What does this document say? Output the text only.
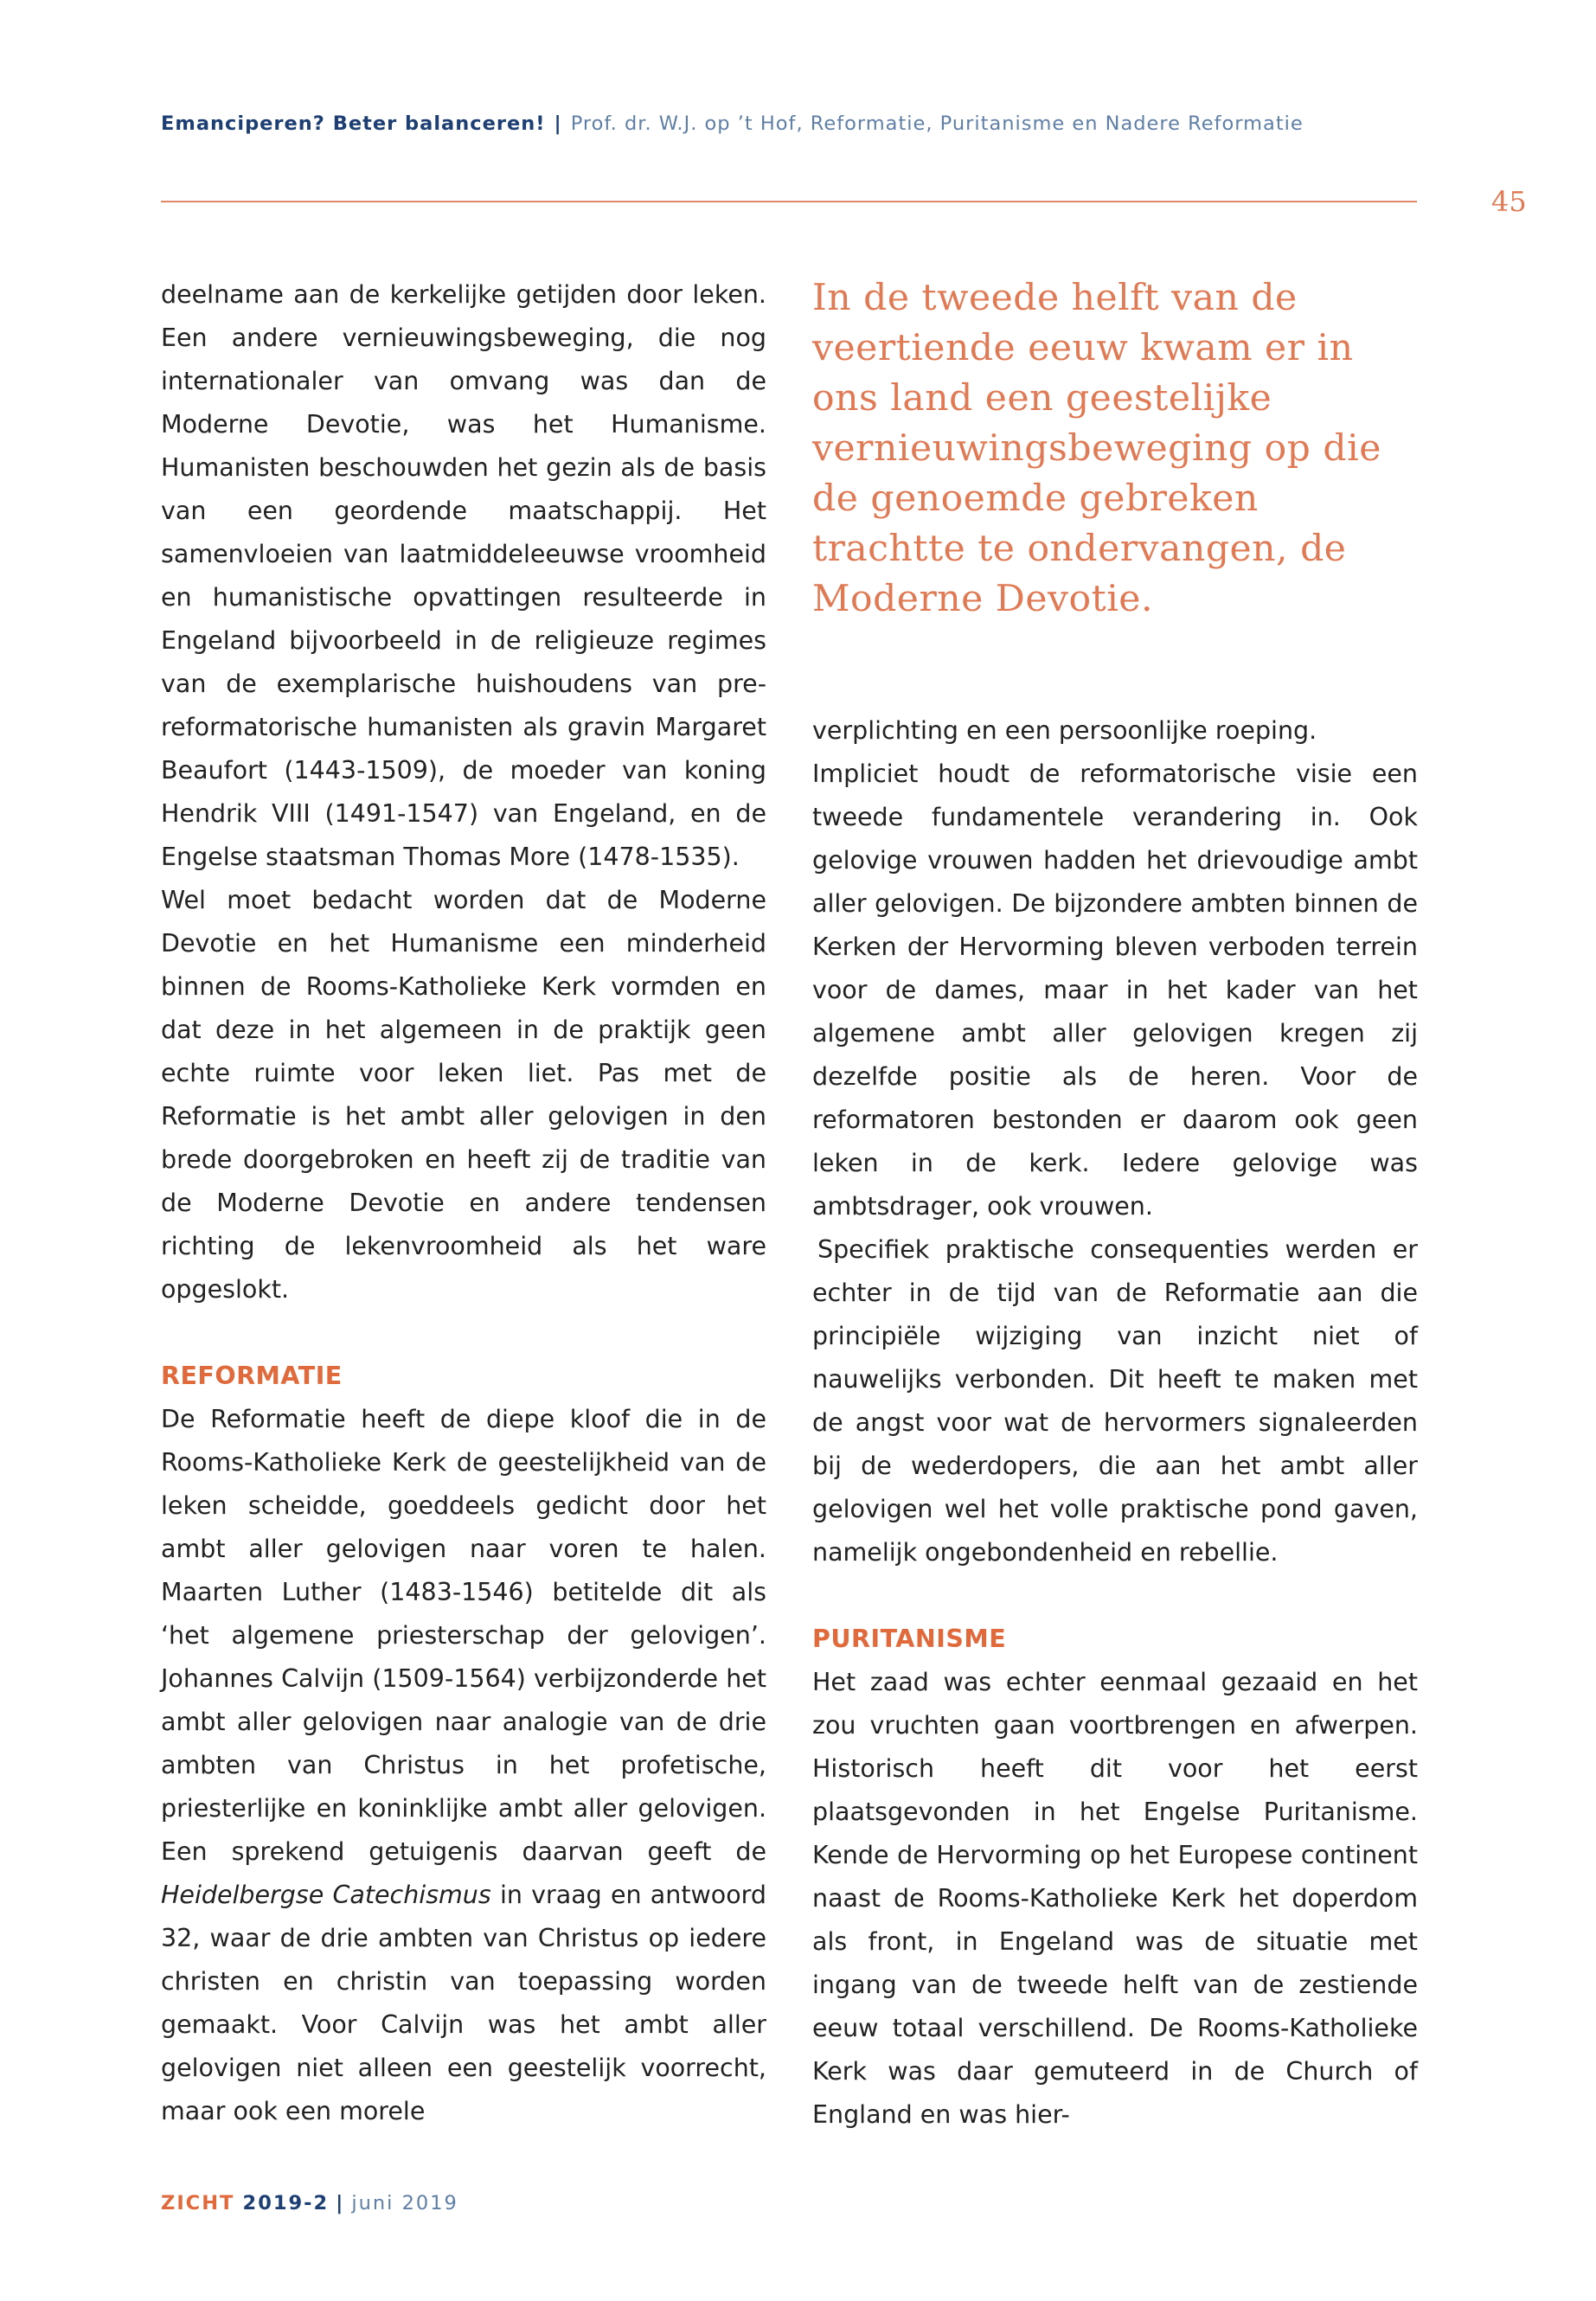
Emanciperen? Beter balanceren! | Prof. dr. W.J. op ’t Hof, Reformatie, Puritanisme en Nadere Reformatie
45

deelname aan de kerkelijke getijden door leken. Een andere vernieuwingsbeweging, die nog internationaler van omvang was dan de Moderne Devotie, was het Humanisme. Humanisten beschouwden het gezin als de basis van een geordende maatschappij. Het samenvloeien van laatmiddeleeuwse vroomheid en humanistische opvattingen resulteerde in Engeland bijvoorbeeld in de religieuze regimes van de exemplarische huishoudens van pre-reformatorische humanisten als gravin Margaret Beaufort (1443-1509), de moeder van koning Hendrik VIII (1491-1547) van Engeland, en de Engelse staatsman Thomas More (1478-1535).

Wel moet bedacht worden dat de Moderne Devotie en het Humanisme een minderheid binnen de Rooms-Katholieke Kerk vormden en dat deze in het algemeen in de praktijk geen echte ruimte voor leken liet. Pas met de Reformatie is het ambt aller gelovigen in den brede doorgebroken en heeft zij de traditie van de Moderne Devotie en andere tendensen richting de lekenvroomheid als het ware opgeslokt.

REFORMATIE

De Reformatie heeft de diepe kloof die in de Rooms-Katholieke Kerk de geestelijkheid van de leken scheidde, goeddeels gedicht door het ambt aller gelovigen naar voren te halen. Maarten Luther (1483-1546) betitelde dit als ‘het algemene priesterschap der gelovigen’. Johannes Calvijn (1509-1564) verbijzonderde het ambt aller gelovigen naar analogie van de drie ambten van Christus in het profetische, priesterlijke en koninklijke ambt aller gelovigen. Een sprekend getuigenis daarvan geeft de Heidelbergse Catechismus in vraag en antwoord 32, waar de drie ambten van Christus op iedere christen en christin van toepassing worden gemaakt. Voor Calvijn was het ambt aller gelovigen niet alleen een geestelijk voorrecht, maar ook een morele

In de tweede helft van de veertiende eeuw kwam er in ons land een geestelijke vernieuwingsbeweging op die de genoemde gebreken trachtte te ondervangen, de Moderne Devotie.

verplichting en een persoonlijke roeping.

Impliciet houdt de reformatorische visie een tweede fundamentele verandering in. Ook gelovige vrouwen hadden het drievoudige ambt aller gelovigen. De bijzondere ambten binnen de Kerken der Hervorming bleven verboden terrein voor de dames, maar in het kader van het algemene ambt aller gelovigen kregen zij dezelfde positie als de heren. Voor de reformatoren bestonden er daarom ook geen leken in de kerk. Iedere gelovige was ambtsdrager, ook vrouwen.

Specifiek praktische consequenties werden er echter in de tijd van de Reformatie aan die principiële wijziging van inzicht niet of nauwelijks verbonden. Dit heeft te maken met de angst voor wat de hervormers signaleerden bij de wederdopers, die aan het ambt aller gelovigen wel het volle praktische pond gaven, namelijk ongebondenheid en rebellie.

PURITANISME

Het zaad was echter eenmaal gezaaid en het zou vruchten gaan voortbrengen en afwerpen. Historisch heeft dit voor het eerst plaatsgevonden in het Engelse Puritanisme. Kende de Hervorming op het Europese continent naast de Rooms-Katholieke Kerk het doperdom als front, in Engeland was de situatie met ingang van de tweede helft van de zestiende eeuw totaal verschillend. De Rooms-Katholieke Kerk was daar gemuteerd in de Church of England en was hier-

ZICHT 2019-2 | juni 2019
